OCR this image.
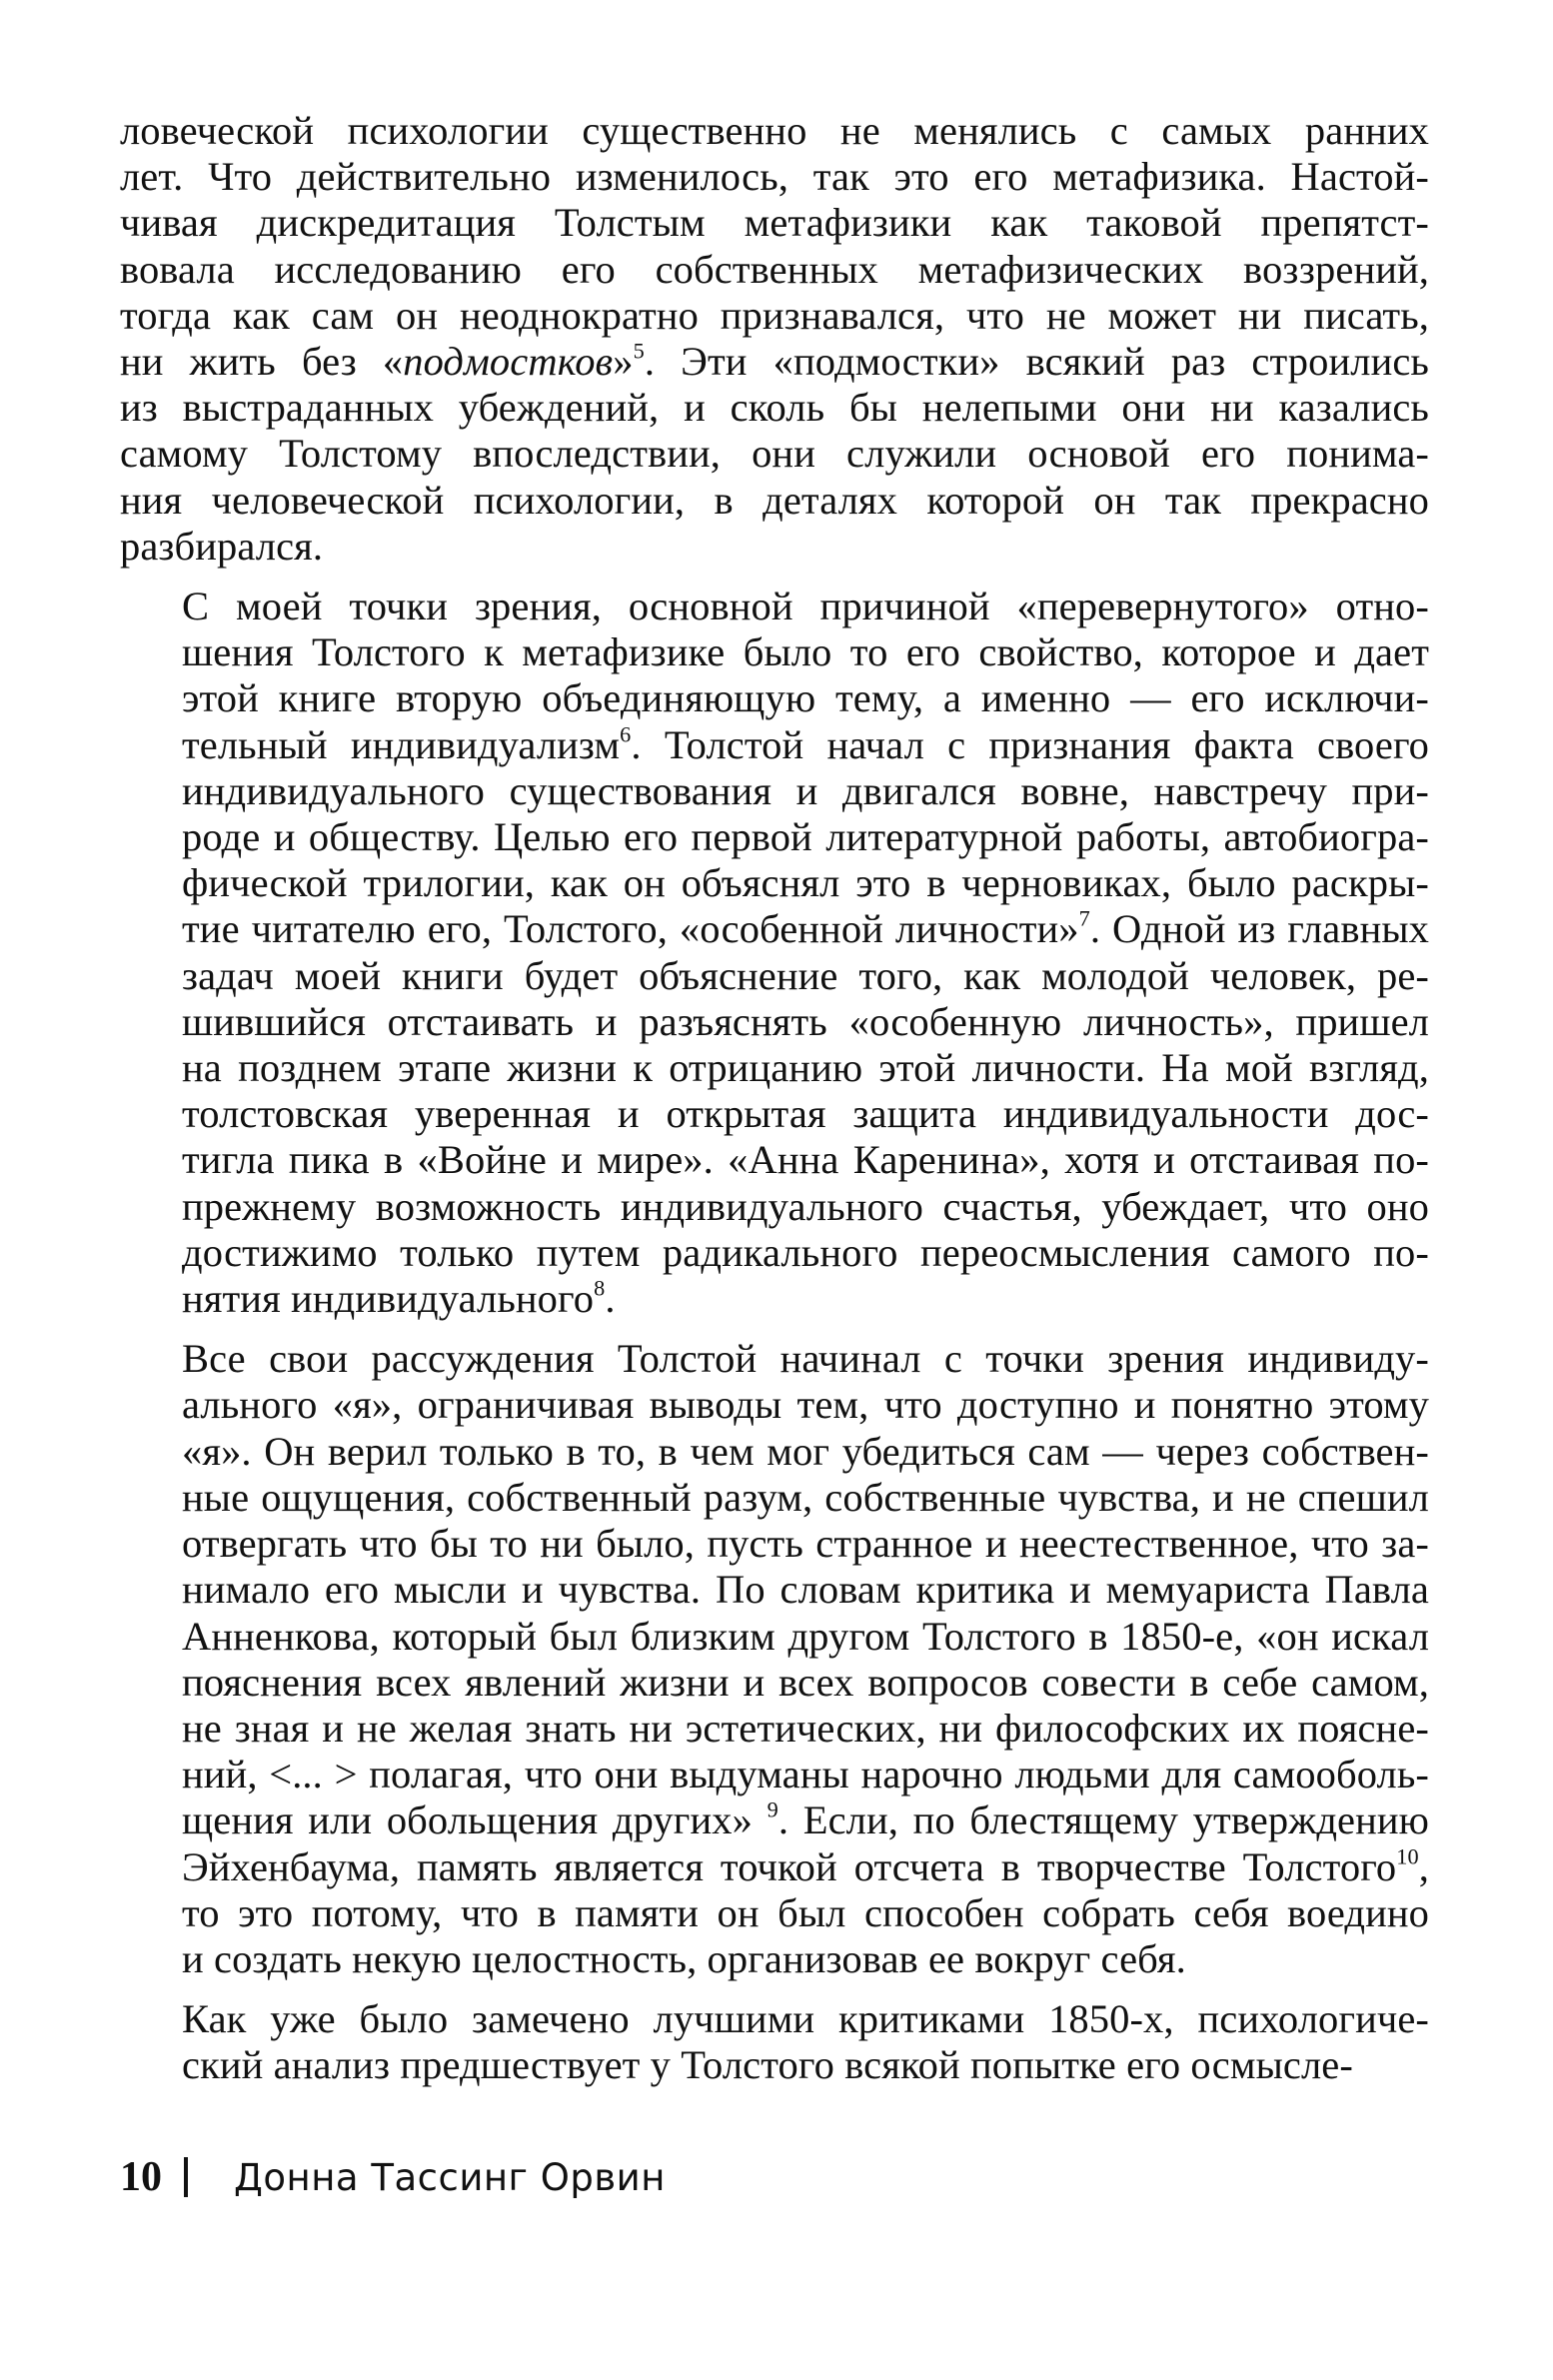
ловеческой психологии существенно не менялись с самых ранних
лет. Что действительно изменилось, так это его метафизика. Настой-
чивая дискредитация Толстым метафизики как таковой препятст-
вовала исследованию его собственных метафизических воззрений,
тогда как сам он неоднократно признавался, что не может ни писать,
ни жить без «подмостков»$^5$. Эти «подмостки» всякий раз строились
из выстраданных убеждений, и сколь бы нелепыми они ни казались
самому Толстому впоследствии, они служили основой его понима-
ния человеческой психологии, в деталях которой он так прекрасно
разбирался.

С моей точки зрения, основной причиной «перевернутого» отно-
шения Толстого к метафизике было то его свойство, которое и дает
этой книге вторую объединяющую тему, а именно — его исключи-
тельный индивидуализм$^6$. Толстой начал с признания факта своего
индивидуального существования и двигался вовне, навстречу при-
роде и обществу. Целью его первой литературной работы, автобиогра-
фической трилогии, как он объяснял это в черновиках, было раскры-
тие читателю его, Толстого, «особенной личности»$^7$. Одной из главных
задач моей книги будет объяснение того, как молодой человек, ре-
шившийся отстаивать и разъяснять «особенную личность», пришел
на позднем этапе жизни к отрицанию этой личности. На мой взгляд,
толстовская уверенная и открытая защита индивидуальности дос-
тигла пика в «Войне и мире». «Анна Каренина», хотя и отстаивая по-
прежнему возможность индивидуального счастья, убеждает, что оно
достижимо только путем радикального переосмысления самого по-
нятия индивидуального$^8$.

Все свои рассуждения Толстой начинал с точки зрения индивиду-
ального «я», ограничивая выводы тем, что доступно и понятно этому
«я». Он верил только в то, в чем мог убедиться сам — через собствен-
ные ощущения, собственный разум, собственные чувства, и не спешил
отвергать что бы то ни было, пусть странное и неестественное, что за-
нимало его мысли и чувства. По словам критика и мемуариста Павла
Анненкова, который был близким другом Толстого в 1850-е, «он искал
пояснения всех явлений жизни и всех вопросов совести в себе самом,
не зная и не желая знать ни эстетических, ни философских их пояснe-
ний, <... > полагая, что они выдуманы нарочно людьми для самооболь-
щения или обольщения других» $^9$. Если, по блестящему утверждению
Эйхенбаума, память является точкой отсчета в творчестве Толстого$^{10}$,
то это потому, что в памяти он был способен собрать себя воедино
и создать некую целостность, организовав ее вокруг себя.

Как уже было замечено лучшими критиками 1850-х, психологиче-
ский анализ предшествует у Толстого всякой попытке его осмысле-

10 Донна Тассинг Орвин
